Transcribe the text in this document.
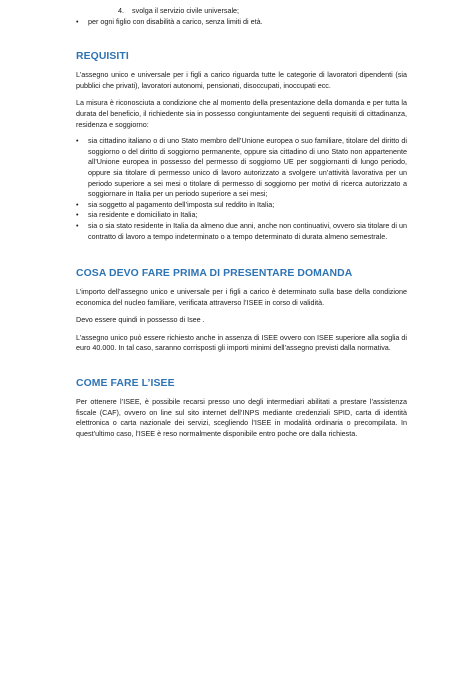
4. svolga il servizio civile universale;

• per ogni figlio con disabilità a carico, senza limiti di età.
REQUISITI

L’assegno unico e universale per i figli a carico riguarda tutte le categorie di lavoratori dipendenti (sia pubblici che privati), lavoratori autonomi, pensionati, disoccupati, inoccupati ecc.

La misura è riconosciuta a condizione che al momento della presentazione della domanda e per tutta la durata del beneficio, il richiedente sia in possesso congiuntamente dei seguenti requisiti di cittadinanza, residenza e soggiorno:

• sia cittadino italiano o di uno Stato membro dell’Unione europea o suo familiare, titolare del diritto di soggiorno o del diritto di soggiorno permanente, oppure sia cittadino di uno Stato non appartenente all’Unione europea in possesso del permesso di soggiorno UE per soggiornanti di lungo periodo, oppure sia titolare di permesso unico di lavoro autorizzato a svolgere un’attività lavorativa per un periodo superiore a sei mesi o titolare di permesso di soggiorno per motivi di ricerca autorizzato a soggiornare in Italia per un periodo superiore a sei mesi;
• sia soggetto al pagamento dell’imposta sul reddito in Italia;
• sia residente e domiciliato in Italia;
• sia o sia stato residente in Italia da almeno due anni, anche non continuativi, ovvero sia titolare di un contratto di lavoro a tempo indeterminato o a tempo determinato di durata almeno semestrale.
COSA DEVO FARE PRIMA DI PRESENTARE DOMANDA

L’importo dell’assegno unico e universale per i figli a carico è determinato sulla base della condizione economica del nucleo familiare, verificata attraverso l’ISEE in corso di validità.

Devo essere quindi in possesso di Isee .

L’assegno unico può essere richiesto anche in assenza di ISEE ovvero con ISEE superiore alla soglia di euro 40.000. In tal caso, saranno corrisposti gli importi minimi dell’assegno previsti dalla normativa.

COME FARE L’ISEE

Per ottenere l’ISEE, è possibile recarsi presso uno degli intermediari abilitati a prestare l’assistenza fiscale (CAF), ovvero on line sul sito internet dell’INPS mediante credenziali SPID, carta di identità elettronica o carta nazionale dei servizi, scegliendo l’ISEE in modalità ordinaria o precompilata. In quest’ultimo caso, l’ISEE è reso normalmente disponibile entro poche ore dalla richiesta.
